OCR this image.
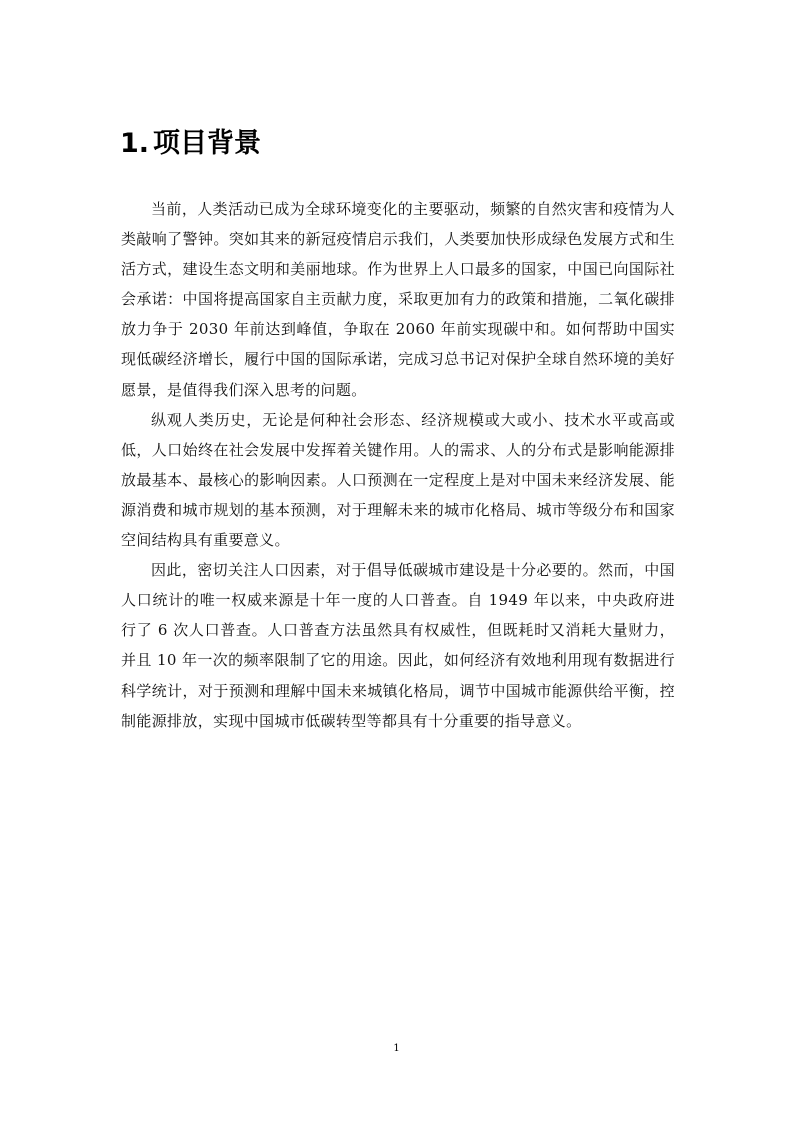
1. 项目背景

当前，人类活动已成为全球环境变化的主要驱动，频繁的自然灾害和疫情为人类敲响了警钟。突如其来的新冠疫情启示我们，人类要加快形成绿色发展方式和生活方式，建设生态文明和美丽地球。作为世界上人口最多的国家，中国已向国际社会承诺：中国将提高国家自主贡献力度，采取更加有力的政策和措施，二氧化碳排放力争于 2030 年前达到峰值，争取在 2060 年前实现碳中和。如何帮助中国实现低碳经济增长，履行中国的国际承诺，完成习总书记对保护全球自然环境的美好愿景，是值得我们深入思考的问题。

纵观人类历史，无论是何种社会形态、经济规模或大或小、技术水平或高或低，人口始终在社会发展中发挥着关键作用。人的需求、人的分布式是影响能源排放最基本、最核心的影响因素。人口预测在一定程度上是对中国未来经济发展、能源消费和城市规划的基本预测，对于理解未来的城市化格局、城市等级分布和国家空间结构具有重要意义。

因此，密切关注人口因素，对于倡导低碳城市建设是十分必要的。然而，中国人口统计的唯一权威来源是十年一度的人口普查。自 1949 年以来，中央政府进行了 6 次人口普查。人口普查方法虽然具有权威性，但既耗时又消耗大量财力，并且 10 年一次的频率限制了它的用途。因此，如何经济有效地利用现有数据进行科学统计，对于预测和理解中国未来城镇化格局，调节中国城市能源供给平衡，控制能源排放，实现中国城市低碳转型等都具有十分重要的指导意义。

1
